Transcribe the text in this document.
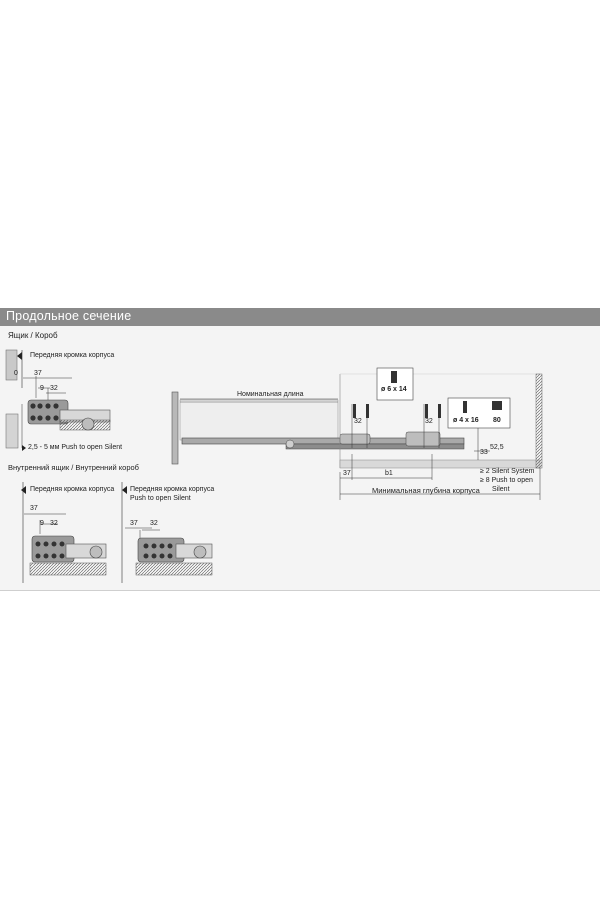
Продольное сечение
Ящик / Короб
Передняя кромка корпуса
0 37
9 32
2,5 - 5 мм Push to open Silent
Внутренний ящик / Внутренний короб
Передняя кромка корпуса Передняя кромка корпуса
Push to open Silent
37
9 32	37 32
Номинальная длина
ø 6 x 14
ø 4 x 16 80
32	32
52,5
33
37	b1
Минимальная глубина корпуса
≥ 2 Silent System
≥ 8 Push to open
Silent
